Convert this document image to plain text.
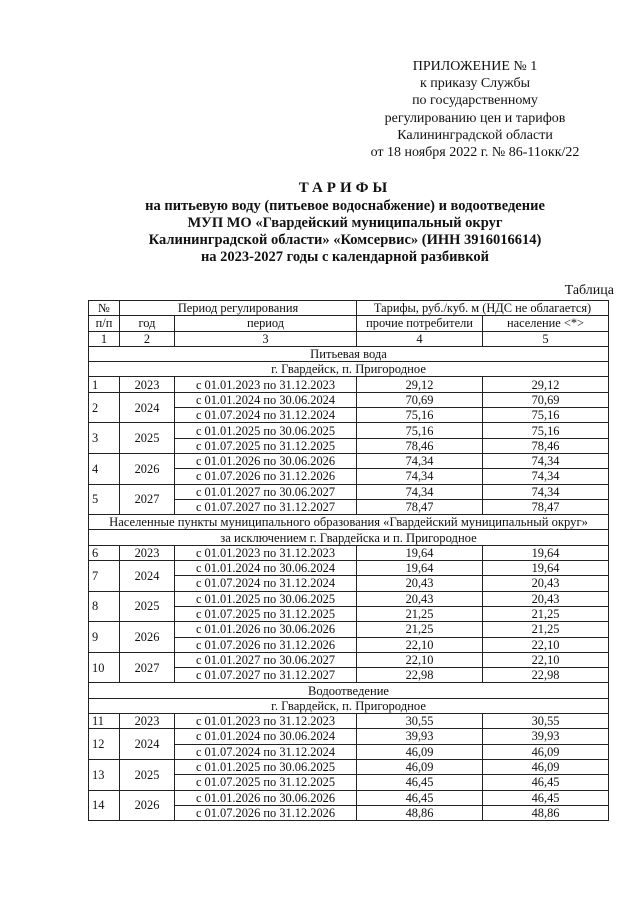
ПРИЛОЖЕНИЕ № 1
к приказу Службы
по государственному
регулированию цен и тарифов
Калининградской области
от 18 ноября 2022 г. № 86-11окк/22
ТАРИФЫ
на питьевую воду (питьевое водоснабжение) и водоотведение
МУП МО «Гвардейский муниципальный округ
Калининградской области» «Комсервис» (ИНН 3916016614)
на 2023-2027 годы с календарной разбивкой
Таблица
№	Период регулирования		Тарифы, руб./куб. м (НДС не облагается)	
п/п	год	период	прочие потребители	население <*>
1	2	3	4	5
Питьевая вода				
г. Гвардейск, п. Пригородное				
1	2023	с 01.01.2023 по 31.12.2023	29,12	29,12
2	2024	с 01.01.2024 по 30.06.2024	70,69	70,69
		с 01.07.2024 по 31.12.2024	75,16	75,16
3	2025	с 01.01.2025 по 30.06.2025	75,16	75,16
		с 01.07.2025 по 31.12.2025	78,46	78,46
4	2026	с 01.01.2026 по 30.06.2026	74,34	74,34
		с 01.07.2026 по 31.12.2026	74,34	74,34
5	2027	с 01.01.2027 по 30.06.2027	74,34	74,34
		с 01.07.2027 по 31.12.2027	78,47	78,47
Населенные пункты муниципального образования «Гвардейский муниципальный округ»				
за исключением г. Гвардейска и п. Пригородное				
6	2023	с 01.01.2023 по 31.12.2023	19,64	19,64
7	2024	с 01.01.2024 по 30.06.2024	19,64	19,64
		с 01.07.2024 по 31.12.2024	20,43	20,43
8	2025	с 01.01.2025 по 30.06.2025	20,43	20,43
		с 01.07.2025 по 31.12.2025	21,25	21,25
9	2026	с 01.01.2026 по 30.06.2026	21,25	21,25
		с 01.07.2026 по 31.12.2026	22,10	22,10
10	2027	с 01.01.2027 по 30.06.2027	22,10	22,10
		с 01.07.2027 по 31.12.2027	22,98	22,98
Водоотведение				
г. Гвардейск, п. Пригородное				
11	2023	с 01.01.2023 по 31.12.2023	30,55	30,55
12	2024	с 01.01.2024 по 30.06.2024	39,93	39,93
		с 01.07.2024 по 31.12.2024	46,09	46,09
13	2025	с 01.01.2025 по 30.06.2025	46,09	46,09
		с 01.07.2025 по 31.12.2025	46,45	46,45
14	2026	с 01.01.2026 по 30.06.2026	46,45	46,45
		с 01.07.2026 по 31.12.2026	48,86	48,86
